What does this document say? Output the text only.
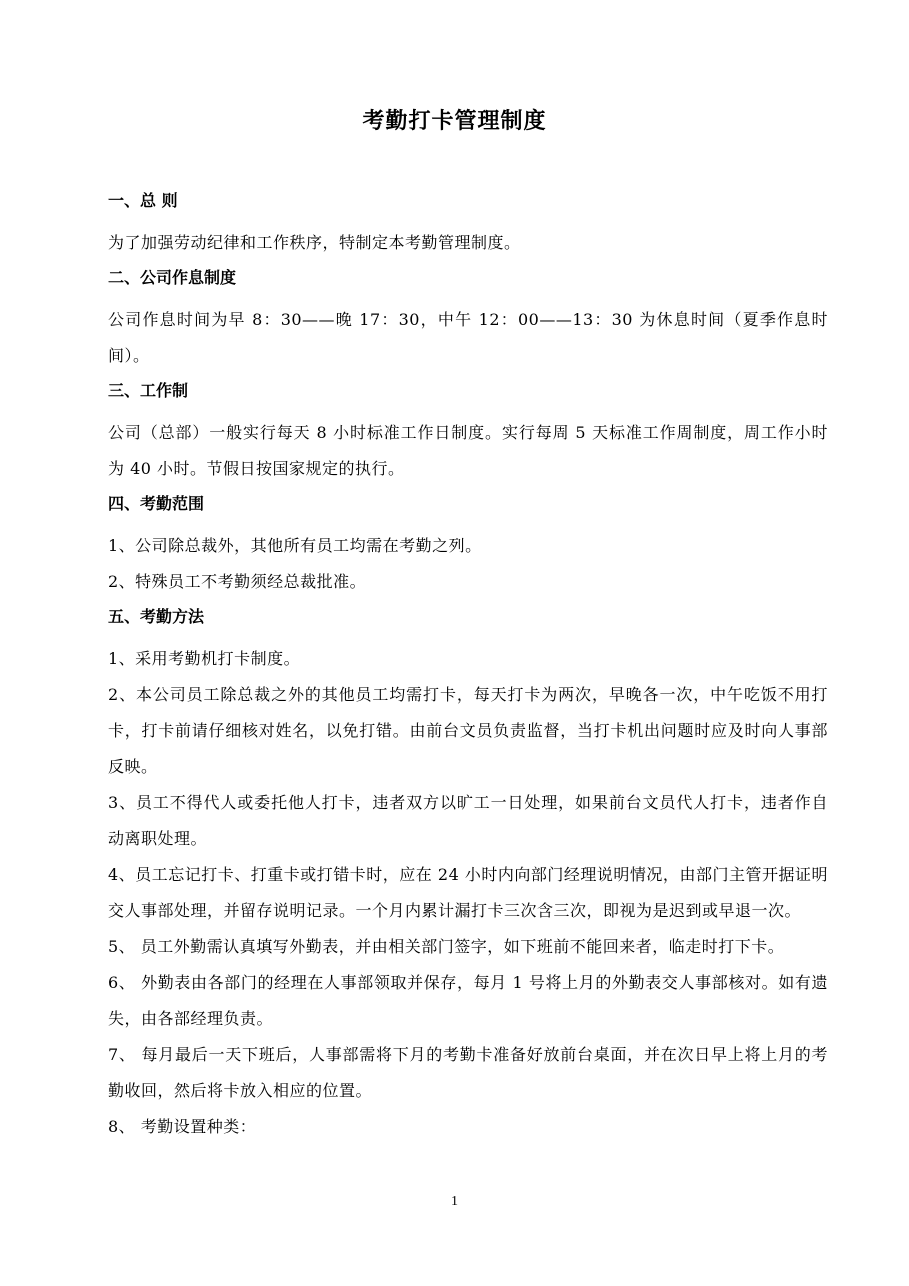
考勤打卡管理制度

一、总 则

为了加强劳动纪律和工作秩序，特制定本考勤管理制度。

二、公司作息制度

公司作息时间为早 8：30——晚 17：30，中午 12：00——13：30 为休息时间（夏季作息时间）。

三、工作制

公司（总部）一般实行每天 8 小时标准工作日制度。实行每周 5 天标准工作周制度，周工作小时为 40 小时。节假日按国家规定的执行。

四、考勤范围

1、公司除总裁外，其他所有员工均需在考勤之列。

2、特殊员工不考勤须经总裁批准。

五、考勤方法

1、采用考勤机打卡制度。

2、本公司员工除总裁之外的其他员工均需打卡，每天打卡为两次，早晚各一次，中午吃饭不用打卡，打卡前请仔细核对姓名，以免打错。由前台文员负责监督，当打卡机出问题时应及时向人事部反映。

3、员工不得代人或委托他人打卡，违者双方以旷工一日处理，如果前台文员代人打卡，违者作自动离职处理。

4、员工忘记打卡、打重卡或打错卡时，应在 24 小时内向部门经理说明情况，由部门主管开据证明交人事部处理，并留存说明记录。一个月内累计漏打卡三次含三次，即视为是迟到或早退一次。

5、 员工外勤需认真填写外勤表，并由相关部门签字，如下班前不能回来者，临走时打下卡。

6、 外勤表由各部门的经理在人事部领取并保存，每月 1 号将上月的外勤表交人事部核对。如有遗失，由各部经理负责。

7、 每月最后一天下班后，人事部需将下月的考勤卡准备好放前台桌面，并在次日早上将上月的考勤收回，然后将卡放入相应的位置。

8、 考勤设置种类：

1
